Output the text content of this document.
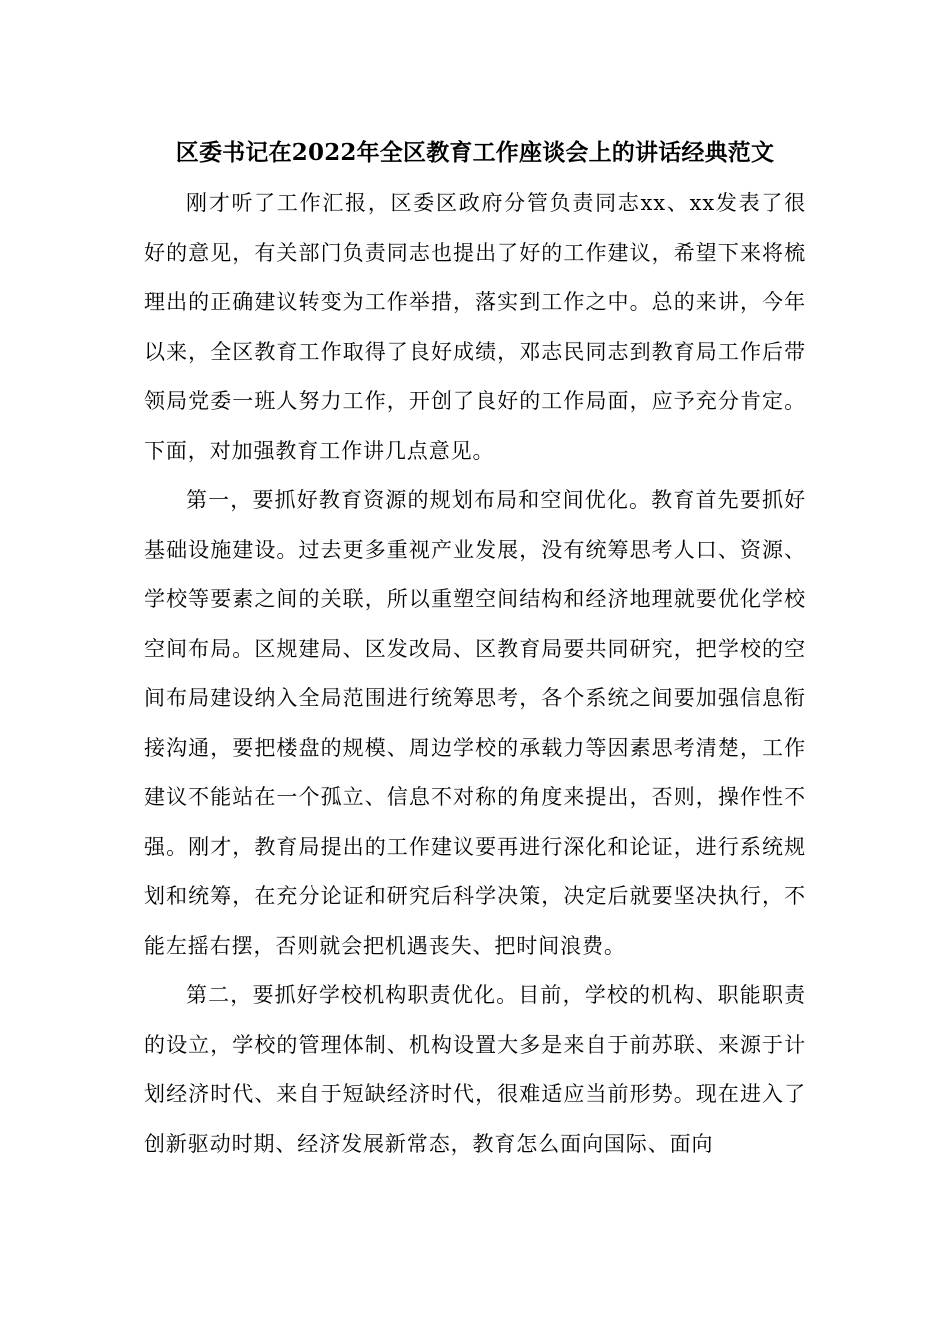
区委书记在2022年全区教育工作座谈会上的讲话经典范文

刚才听了工作汇报，区委区政府分管负责同志xx、xx发表了很好的意见，有关部门负责同志也提出了好的工作建议，希望下来将梳理出的正确建议转变为工作举措，落实到工作之中。总的来讲，今年以来，全区教育工作取得了良好成绩，邓志民同志到教育局工作后带领局党委一班人努力工作，开创了良好的工作局面，应予充分肯定。下面，对加强教育工作讲几点意见。

第一，要抓好教育资源的规划布局和空间优化。教育首先要抓好基础设施建设。过去更多重视产业发展，没有统筹思考人口、资源、学校等要素之间的关联，所以重塑空间结构和经济地理就要优化学校空间布局。区规建局、区发改局、区教育局要共同研究，把学校的空间布局建设纳入全局范围进行统筹思考，各个系统之间要加强信息衔接沟通，要把楼盘的规模、周边学校的承载力等因素思考清楚，工作建议不能站在一个孤立、信息不对称的角度来提出，否则，操作性不强。刚才，教育局提出的工作建议要再进行深化和论证，进行系统规划和统筹，在充分论证和研究后科学决策，决定后就要坚决执行，不能左摇右摆，否则就会把机遇丧失、把时间浪费。

第二，要抓好学校机构职责优化。目前，学校的机构、职能职责的设立，学校的管理体制、机构设置大多是来自于前苏联、来源于计划经济时代、来自于短缺经济时代，很难适应当前形势。现在进入了创新驱动时期、经济发展新常态，教育怎么面向国际、面向
